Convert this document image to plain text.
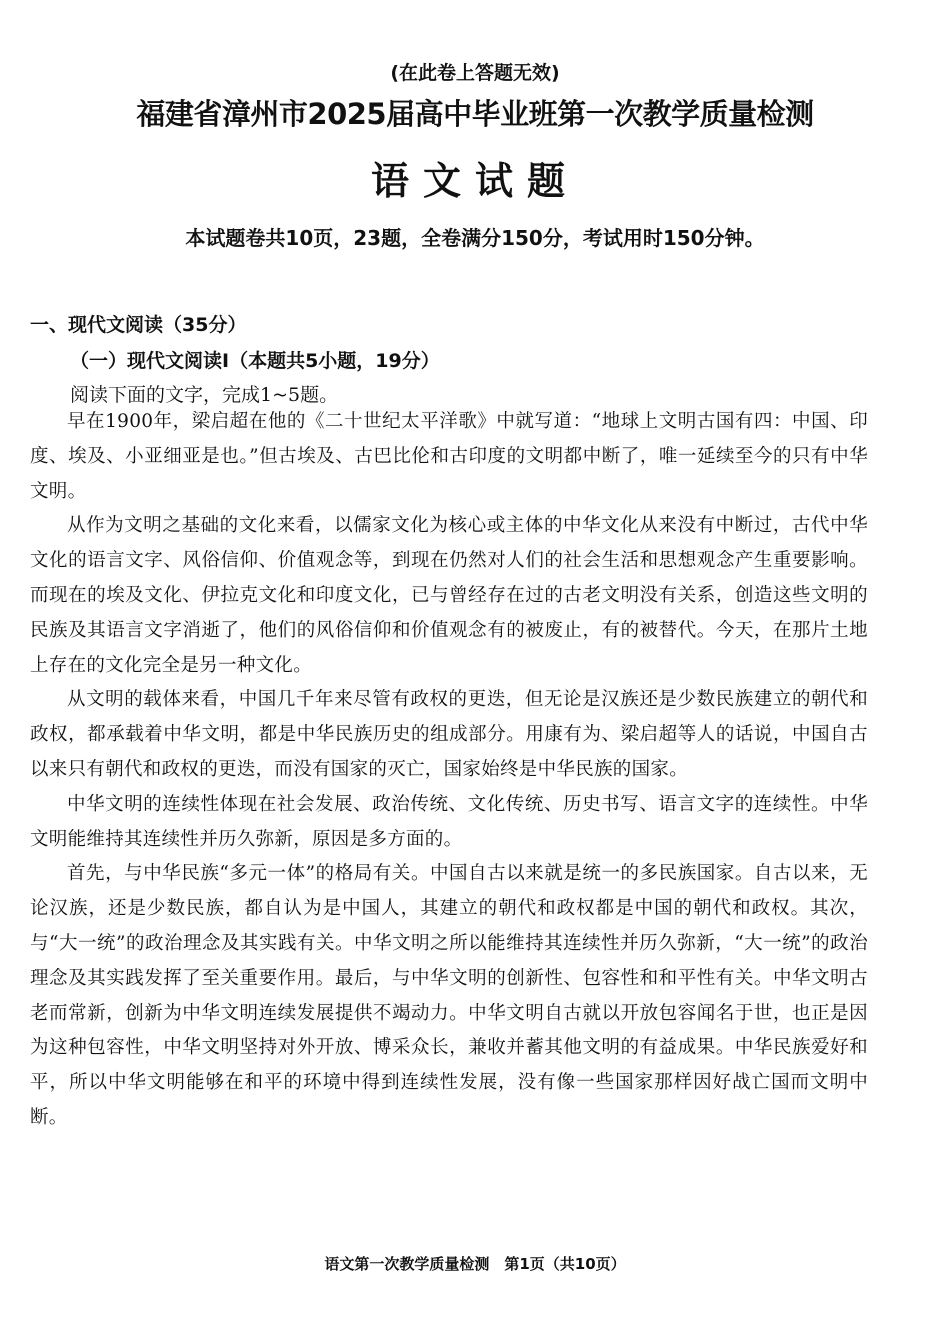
(在此卷上答题无效)
福建省漳州市2025届高中毕业班第一次教学质量检测
语文试题
本试题卷共10页，23题，全卷满分150分，考试用时150分钟。
一、现代文阅读（35分）
（一）现代文阅读Ⅰ（本题共5小题，19分）
阅读下面的文字，完成1~5题。

早在1900年，梁启超在他的《二十世纪太平洋歌》中就写道：“地球上文明古国有四：中国、印度、埃及、小亚细亚是也。”但古埃及、古巴比伦和古印度的文明都中断了，唯一延续至今的只有中华文明。

从作为文明之基础的文化来看，以儒家文化为核心或主体的中华文化从来没有中断过，古代中华文化的语言文字、风俗信仰、价值观念等，到现在仍然对人们的社会生活和思想观念产生重要影响。而现在的埃及文化、伊拉克文化和印度文化，已与曾经存在过的古老文明没有关系，创造这些文明的民族及其语言文字消逝了，他们的风俗信仰和价值观念有的被废止，有的被替代。今天，在那片土地上存在的文化完全是另一种文化。

从文明的载体来看，中国几千年来尽管有政权的更迭，但无论是汉族还是少数民族建立的朝代和政权，都承载着中华文明，都是中华民族历史的组成部分。用康有为、梁启超等人的话说，中国自古以来只有朝代和政权的更迭，而没有国家的灭亡，国家始终是中华民族的国家。

中华文明的连续性体现在社会发展、政治传统、文化传统、历史书写、语言文字的连续性。中华文明能维持其连续性并历久弥新，原因是多方面的。

首先，与中华民族“多元一体”的格局有关。中国自古以来就是统一的多民族国家。自古以来，无论汉族，还是少数民族，都自认为是中国人，其建立的朝代和政权都是中国的朝代和政权。其次，与“大一统”的政治理念及其实践有关。中华文明之所以能维持其连续性并历久弥新，“大一统”的政治理念及其实践发挥了至关重要作用。最后，与中华文明的创新性、包容性和和平性有关。中华文明古老而常新，创新为中华文明连续发展提供不竭动力。中华文明自古就以开放包容闻名于世，也正是因为这种包容性，中华文明坚持对外开放、博采众长，兼收并蓄其他文明的有益成果。中华民族爱好和平，所以中华文明能够在和平的环境中得到连续性发展，没有像一些国家那样因好战亡国而文明中断。

语文第一次教学质量检测　第1页（共10页）
